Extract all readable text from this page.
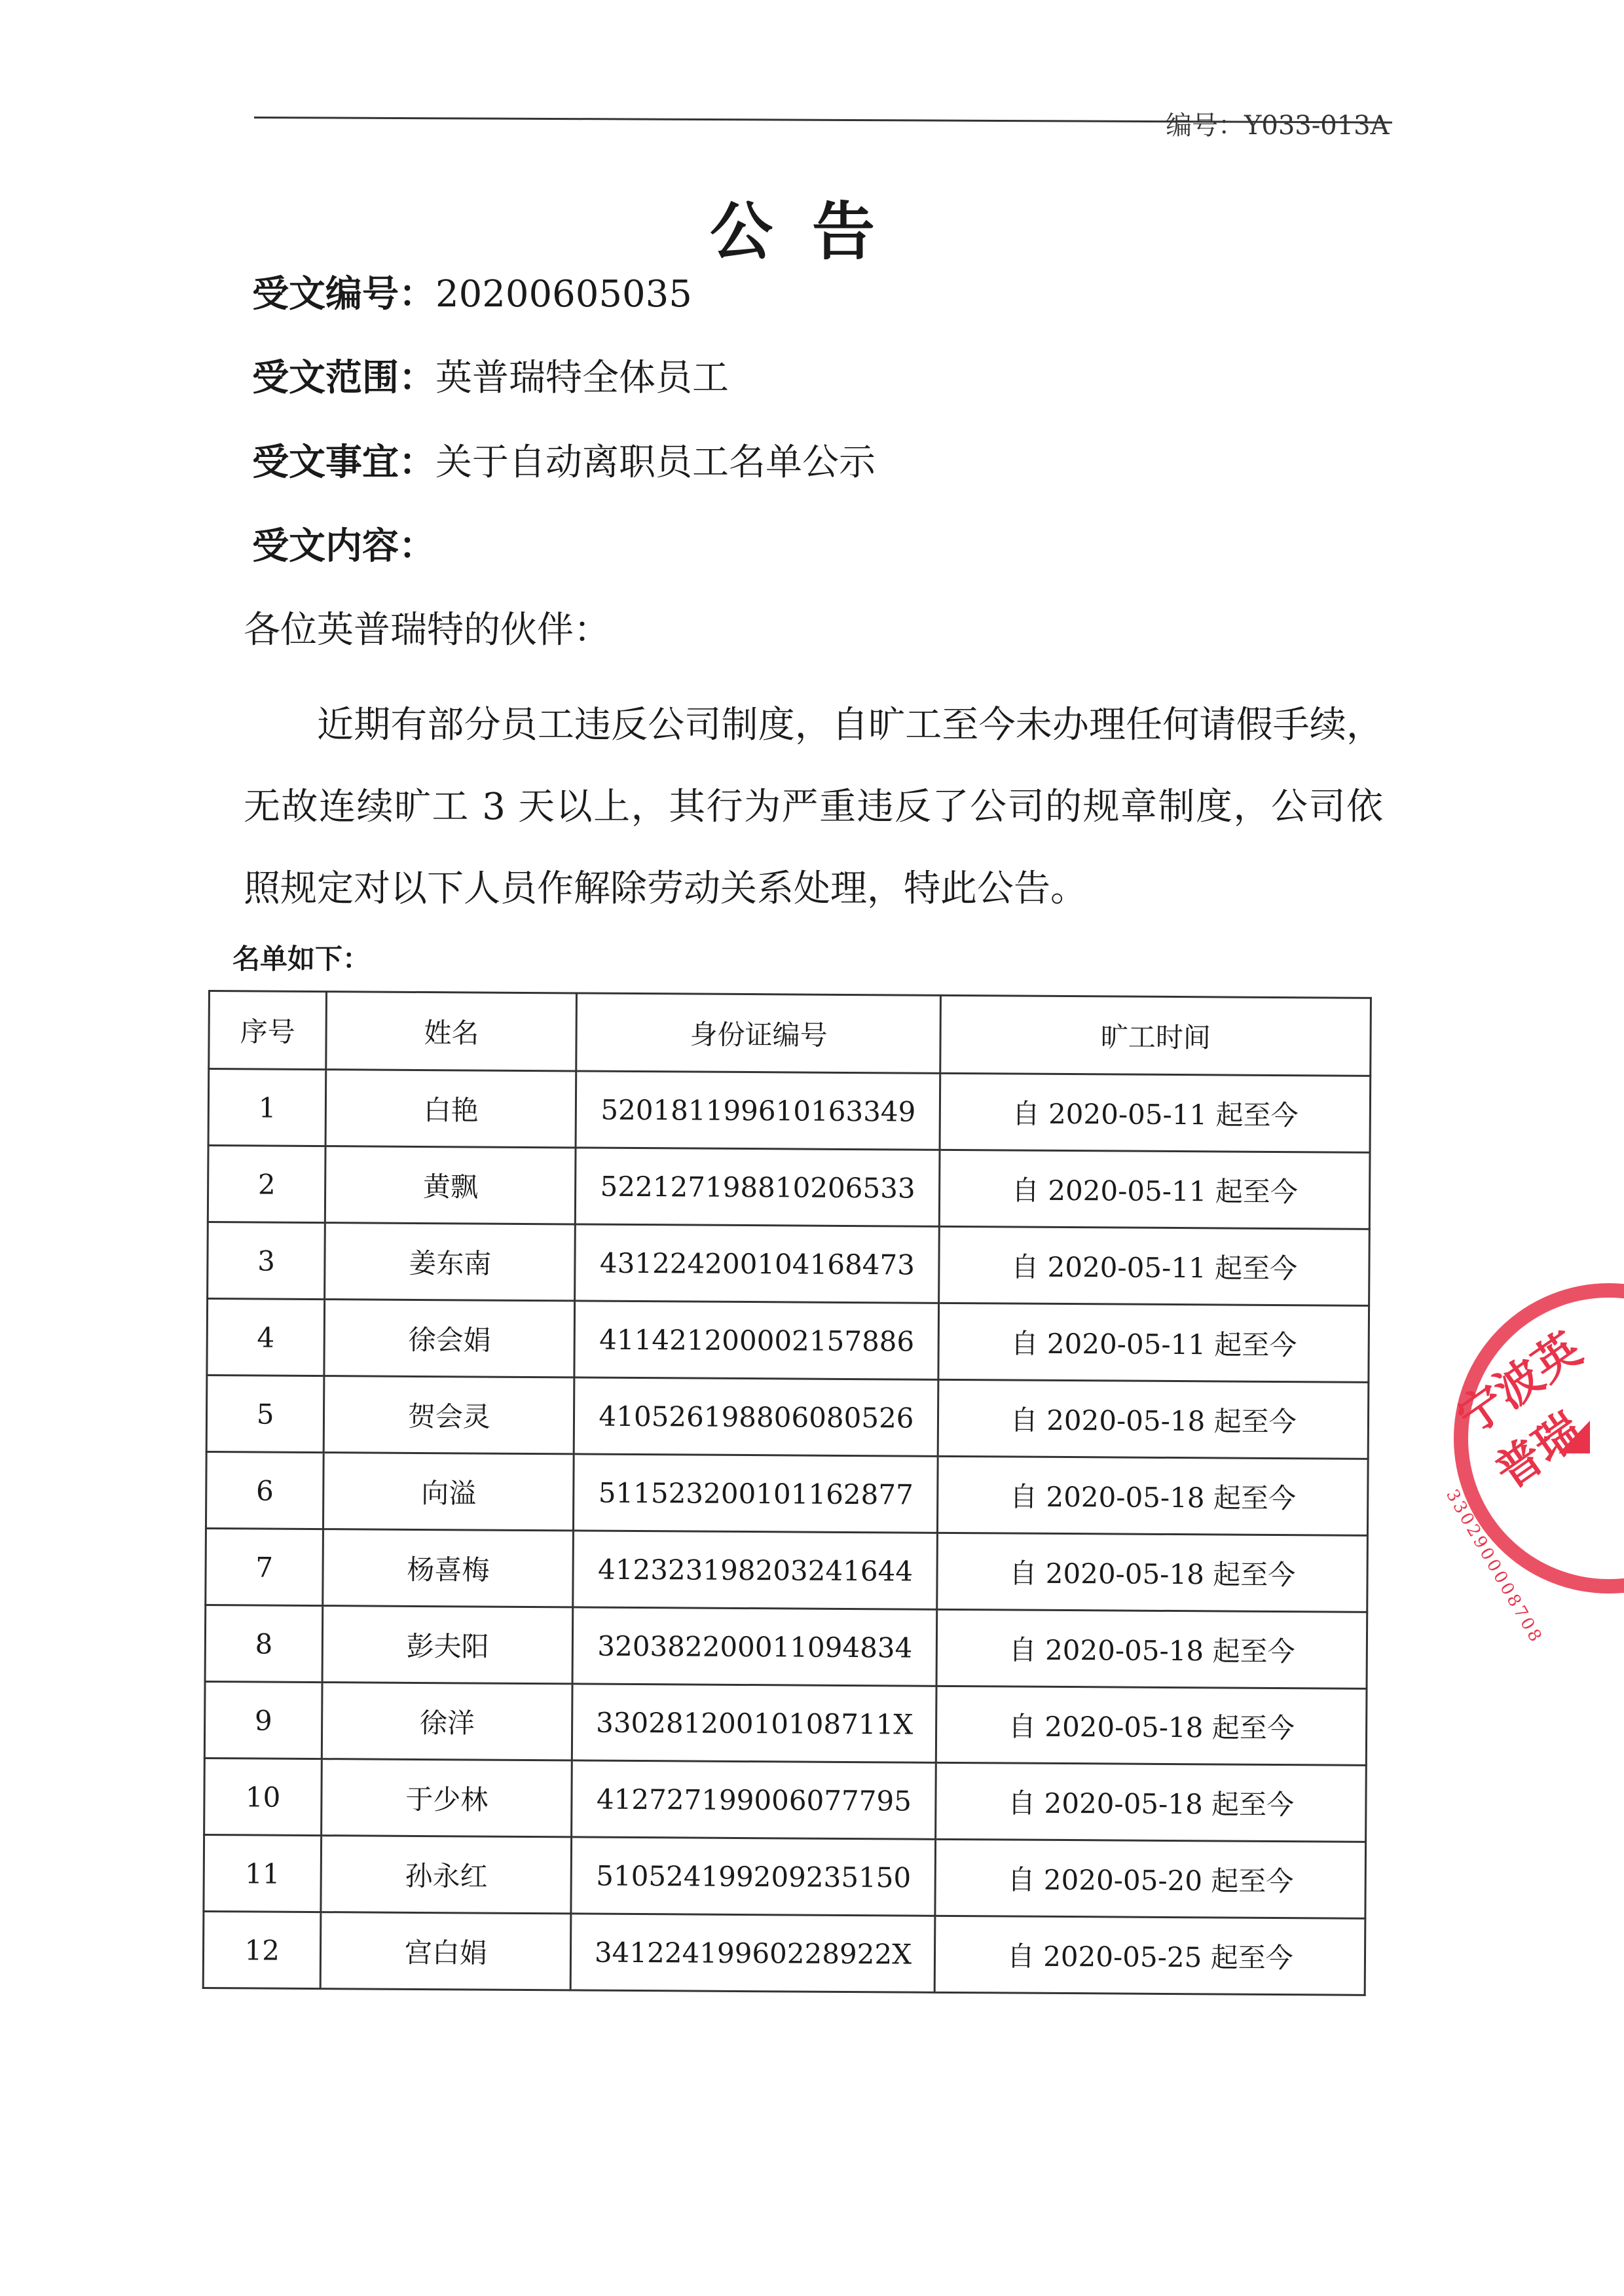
编号：Y033-013A
公告
受文编号：20200605035
受文范围：英普瑞特全体员工
受文事宜：关于自动离职员工名单公示
受文内容：
各位英普瑞特的伙伴：

近期有部分员工违反公司制度，自旷工至今未办理任何请假手续，无故连续旷工 3 天以上，其行为严重违反了公司的规章制度，公司依照规定对以下人员作解除劳动关系处理，特此公告。

名单如下：
序号	姓名	身份证编号	旷工时间
1	白艳	520181199610163349	自 2020-05-11 起至今
2	黄飘	522127198810206533	自 2020-05-11 起至今
3	姜东南	431224200104168473	自 2020-05-11 起至今
4	徐会娟	411421200002157886	自 2020-05-11 起至今
5	贺会灵	410526198806080526	自 2020-05-18 起至今
6	向溢	511523200101162877	自 2020-05-18 起至今
7	杨喜梅	412323198203241644	自 2020-05-18 起至今
8	彭夫阳	320382200011094834	自 2020-05-18 起至今
9	徐洋	33028120010108711X	自 2020-05-18 起至今
10	于少林	412727199006077795	自 2020-05-18 起至今
11	孙永红	510524199209235150	自 2020-05-20 起至今
12	宫白娟	34122419960228922X	自 2020-05-25 起至今
宁波英普瑞
3302900008708
